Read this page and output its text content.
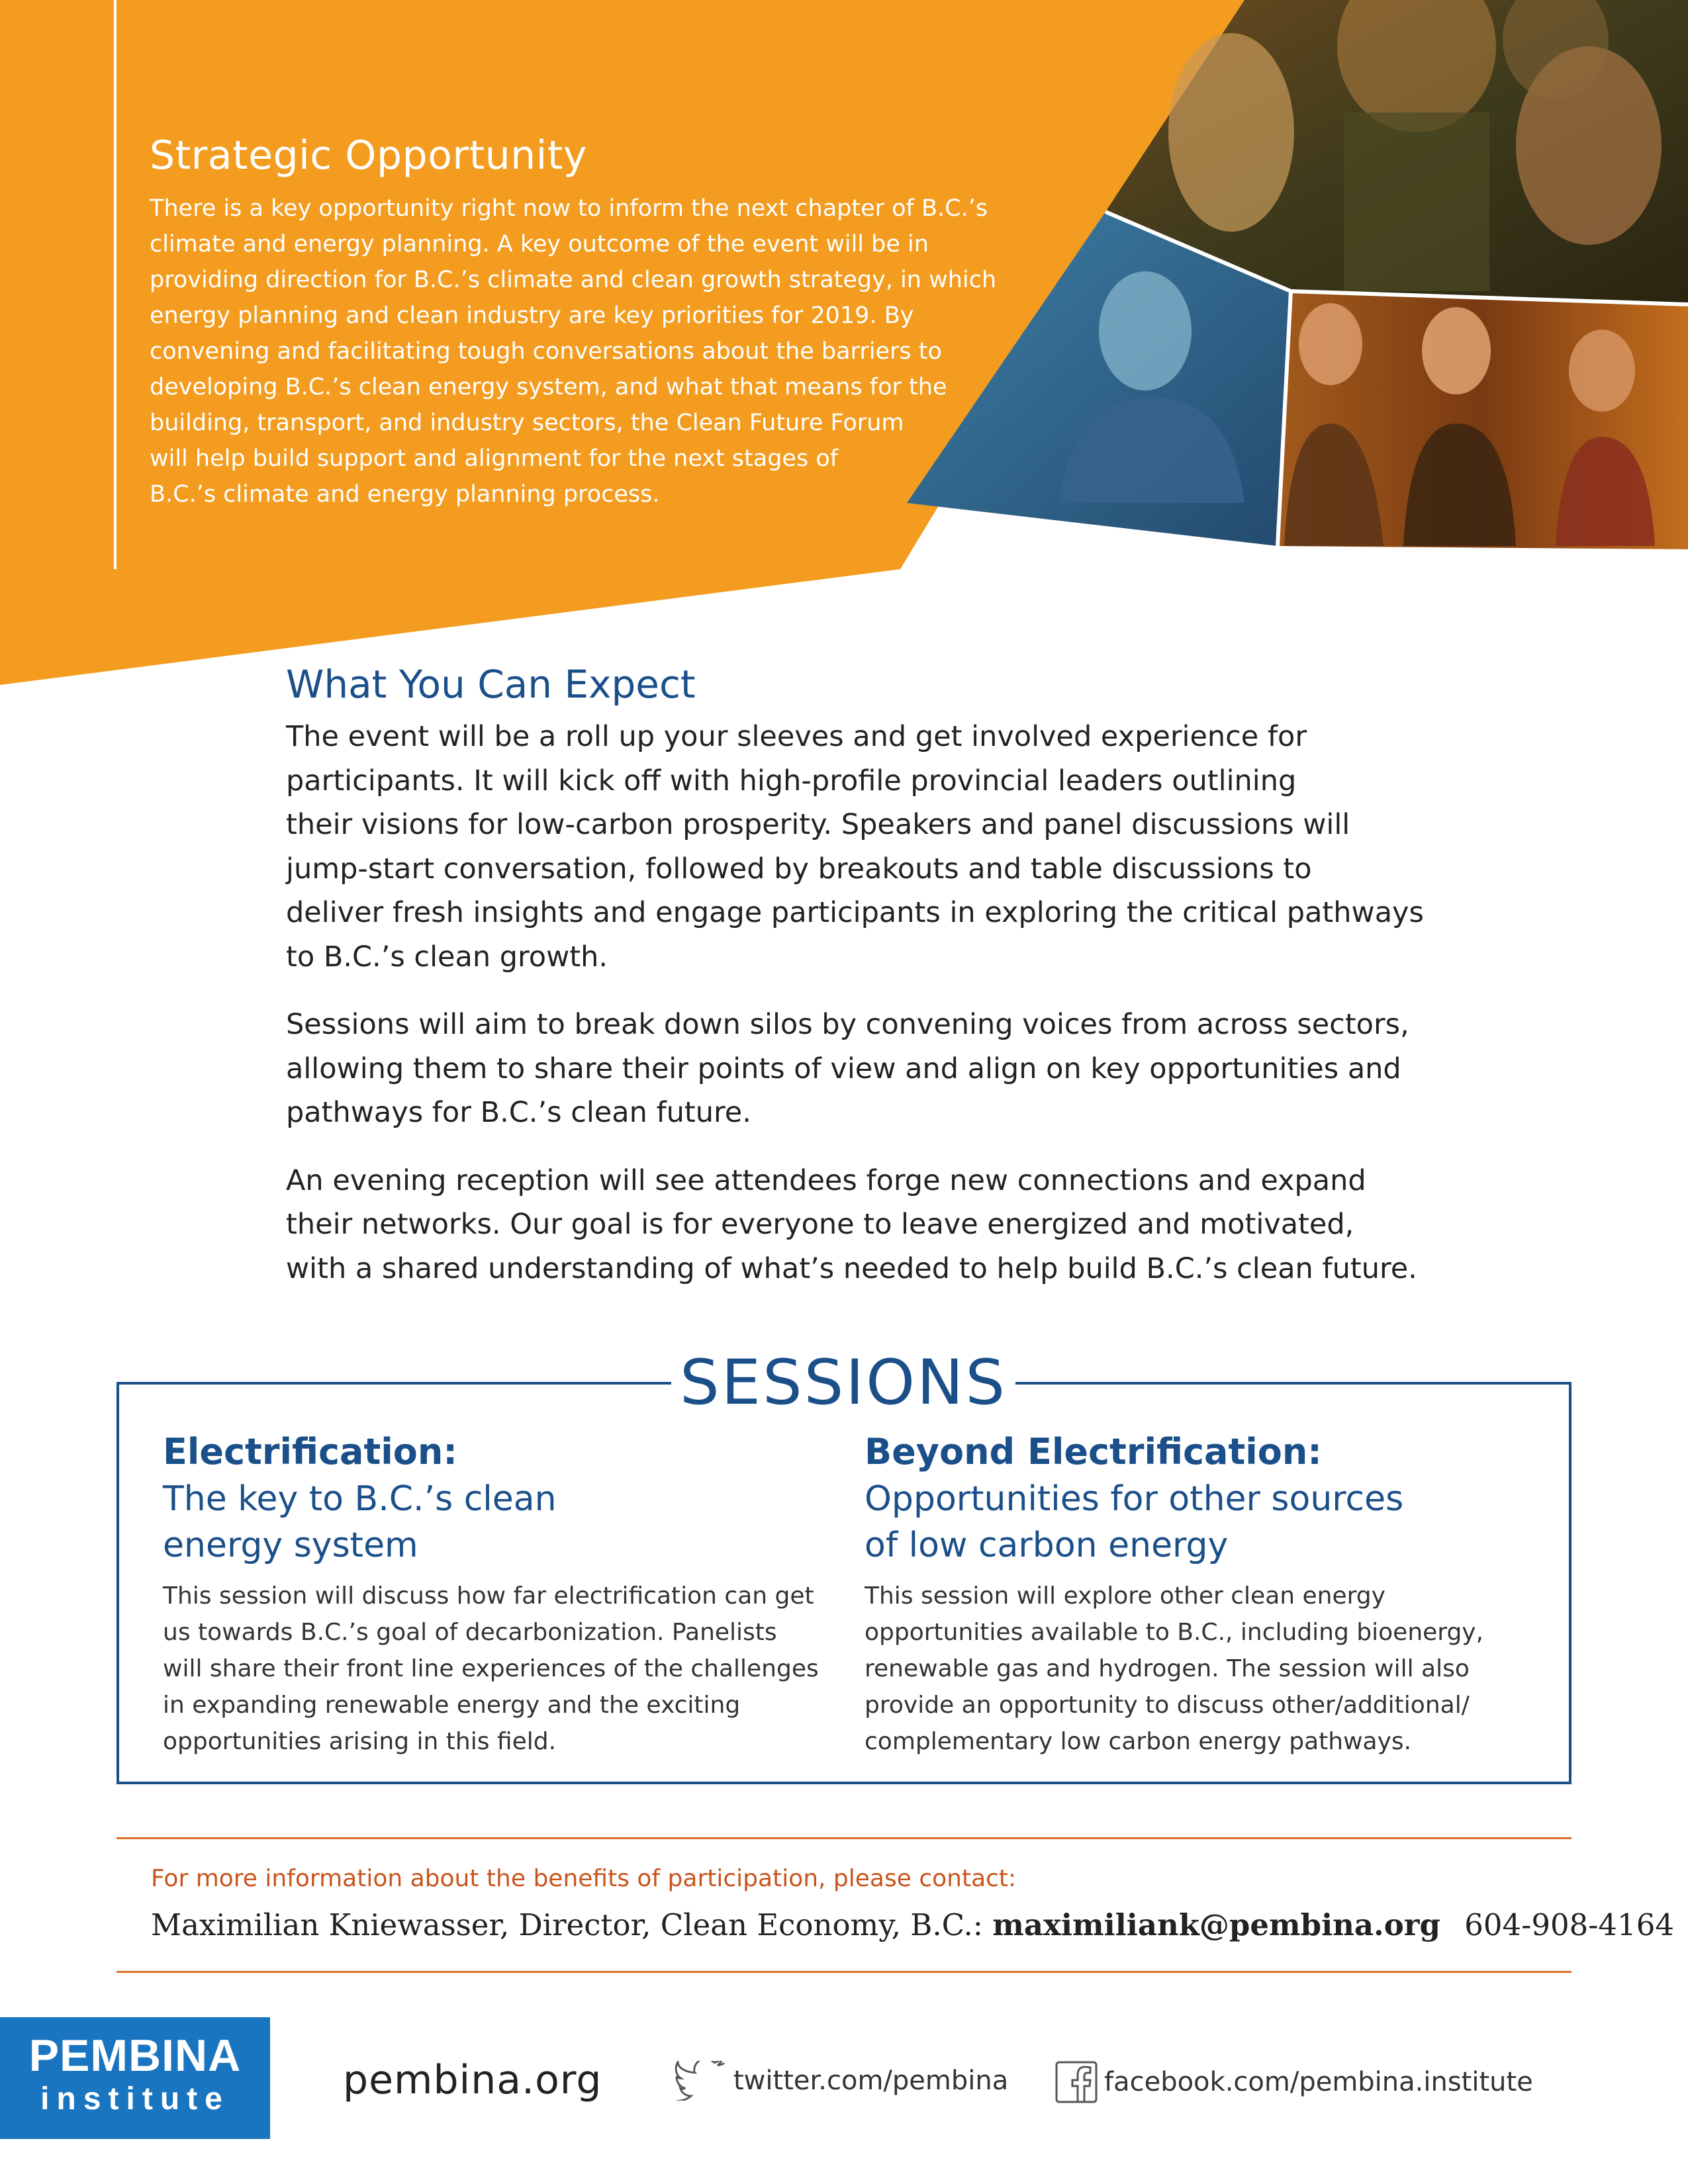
Strategic Opportunity

There is a key opportunity right now to inform the next chapter of B.C.’s
climate and energy planning. A key outcome of the event will be in
providing direction for B.C.’s climate and clean growth strategy, in which
energy planning and clean industry are key priorities for 2019. By
convening and facilitating tough conversations about the barriers to
developing B.C.’s clean energy system, and what that means for the
building, transport, and industry sectors, the Clean Future Forum
will help build support and alignment for the next stages of
B.C.’s climate and energy planning process.

What You Can Expect

The event will be a roll up your sleeves and get involved experience for
participants. It will kick off with high-profile provincial leaders outlining
their visions for low-carbon prosperity. Speakers and panel discussions will
jump-start conversation, followed by breakouts and table discussions to
deliver fresh insights and engage participants in exploring the critical pathways
to B.C.’s clean growth.

Sessions will aim to break down silos by convening voices from across sectors,
allowing them to share their points of view and align on key opportunities and
pathways for B.C.’s clean future.

An evening reception will see attendees forge new connections and expand
their networks. Our goal is for everyone to leave energized and motivated,
with a shared understanding of what’s needed to help build B.C.’s clean future.

SESSIONS
Electrification:
The key to B.C.’s clean
energy system

This session will discuss how far electrification can get
us towards B.C.’s goal of decarbonization. Panelists
will share their front line experiences of the challenges
in expanding renewable energy and the exciting
opportunities arising in this field.

Beyond Electrification:
Opportunities for other sources
of low carbon energy

This session will explore other clean energy
opportunities available to B.C., including bioenergy,
renewable gas and hydrogen. The session will also
provide an opportunity to discuss other/additional/
complementary low carbon energy pathways.

For more information about the benefits of participation, please contact:
Maximilian Kniewasser, Director, Clean Economy, B.C.: maximiliank@pembina.org 604-908-4164
PEMBINA
institute	pembina.org	twitter.com/pembina	facebook.com/pembina.institute
